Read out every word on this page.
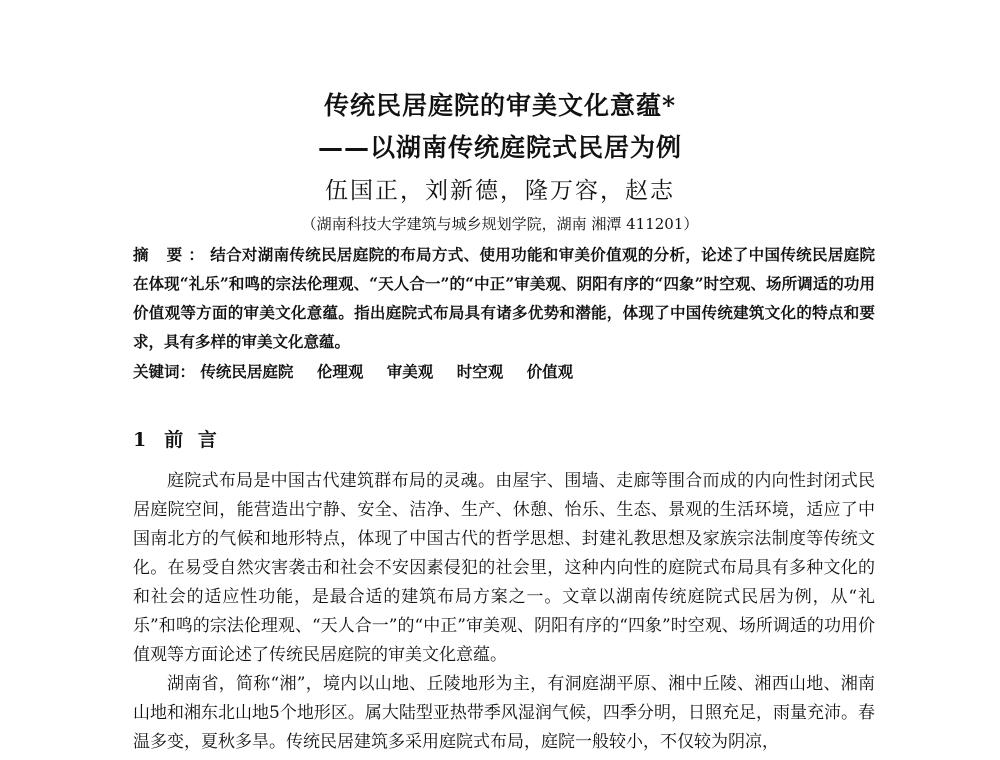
传统民居庭院的审美文化意蕴*
——以湖南传统庭院式民居为例
伍国正，刘新德，隆万容，赵志
（湖南科技大学建筑与城乡规划学院，湖南 湘潭 411201）
摘 要：结合对湖南传统民居庭院的布局方式、使用功能和审美价值观的分析，论述了中国传统民居庭院在体现“礼乐”和鸣的宗法伦理观、“天人合一”的“中正”审美观、阴阳有序的“四象”时空观、场所调适的功用价值观等方面的审美文化意蕴。指出庭院式布局具有诸多优势和潜能，体现了中国传统建筑文化的特点和要求，具有多样的审美文化意蕴。
关键词： 传统民居庭院 伦理观 审美观 时空观 价值观
1 前 言

庭院式布局是中国古代建筑群布局的灵魂。由屋宇、围墙、走廊等围合而成的内向性封闭式民居庭院空间，能营造出宁静、安全、洁净、生产、休憩、怡乐、生态、景观的生活环境，适应了中国南北方的气候和地形特点，体现了中国古代的哲学思想、封建礼教思想及家族宗法制度等传统文化。在易受自然灾害袭击和社会不安因素侵犯的社会里，这种内向性的庭院式布局具有多种文化的和社会的适应性功能，是最合适的建筑布局方案之一。文章以湖南传统庭院式民居为例，从“礼乐”和鸣的宗法伦理观、“天人合一”的“中正”审美观、阴阳有序的“四象”时空观、场所调适的功用价值观等方面论述了传统民居庭院的审美文化意蕴。

湖南省，简称“湘”，境内以山地、丘陵地形为主，有洞庭湖平原、湘中丘陵、湘西山地、湘南山地和湘东北山地5个地形区。属大陆型亚热带季风湿润气候，四季分明，日照充足，雨量充沛。春温多变，夏秋多旱。传统民居建筑多采用庭院式布局，庭院一般较小，不仅较为阴凉，
